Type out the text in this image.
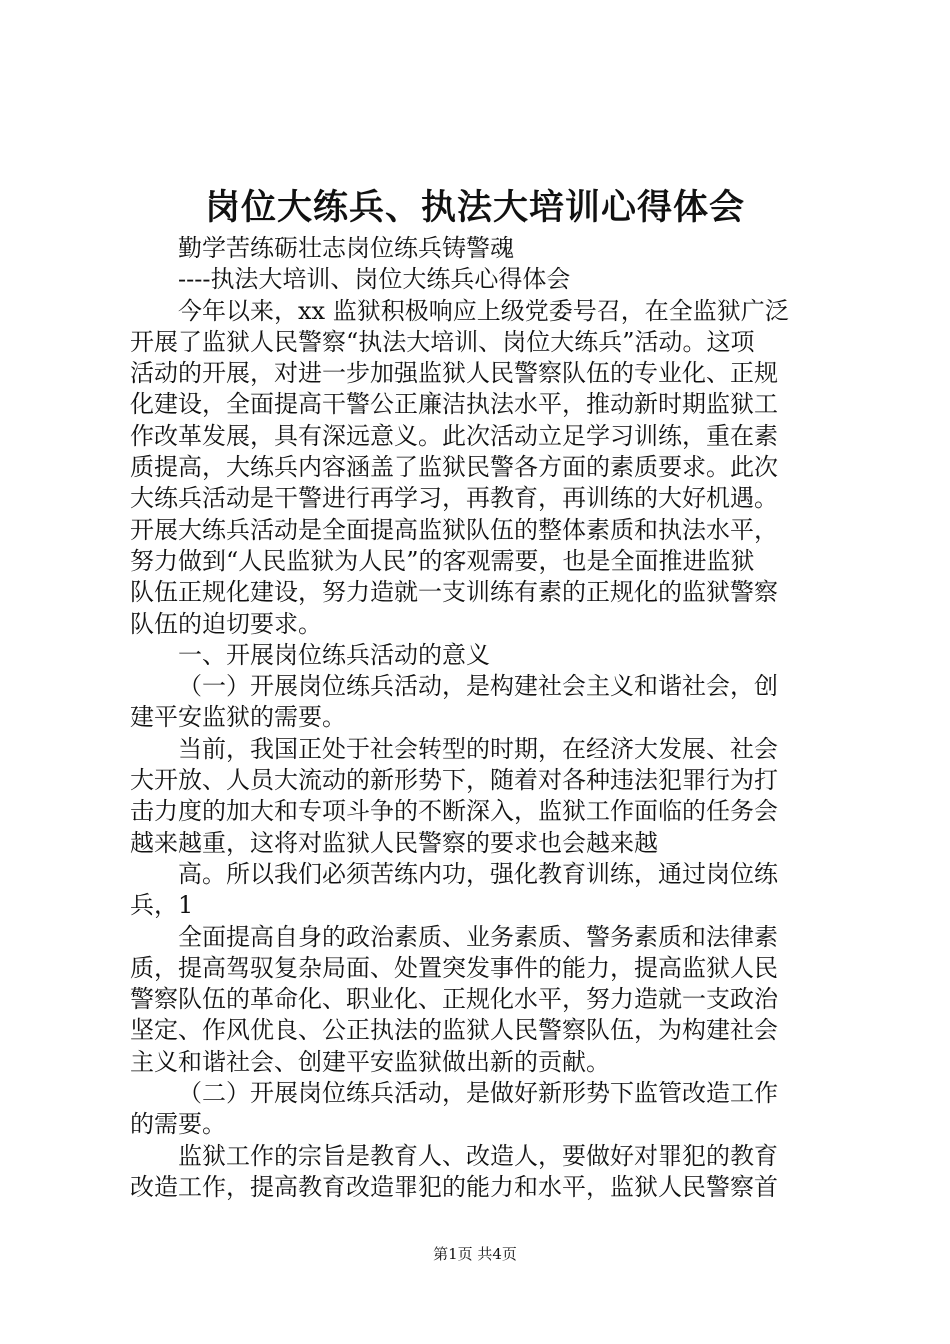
岗位大练兵、执法大培训心得体会
勤学苦练砺壮志岗位练兵铸警魂
----执法大培训、岗位大练兵心得体会
今年以来，xx 监狱积极响应上级党委号召，在全监狱广泛
开展了监狱人民警察“执法大培训、岗位大练兵”活动。这项
活动的开展，对进一步加强监狱人民警察队伍的专业化、正规
化建设，全面提高干警公正廉洁执法水平，推动新时期监狱工
作改革发展，具有深远意义。此次活动立足学习训练，重在素
质提高，大练兵内容涵盖了监狱民警各方面的素质要求。此次
大练兵活动是干警进行再学习，再教育，再训练的大好机遇。
开展大练兵活动是全面提高监狱队伍的整体素质和执法水平，
努力做到“人民监狱为人民”的客观需要，也是全面推进监狱
队伍正规化建设，努力造就一支训练有素的正规化的监狱警察
队伍的迫切要求。
一、开展岗位练兵活动的意义
（一）开展岗位练兵活动，是构建社会主义和谐社会，创
建平安监狱的需要。
当前，我国正处于社会转型的时期，在经济大发展、社会
大开放、人员大流动的新形势下，随着对各种违法犯罪行为打
击力度的加大和专项斗争的不断深入，监狱工作面临的任务会
越来越重，这将对监狱人民警察的要求也会越来越
高。所以我们必须苦练内功，强化教育训练，通过岗位练
兵，1
全面提高自身的政治素质、业务素质、警务素质和法律素
质，提高驾驭复杂局面、处置突发事件的能力，提高监狱人民
警察队伍的革命化、职业化、正规化水平，努力造就一支政治
坚定、作风优良、公正执法的监狱人民警察队伍，为构建社会
主义和谐社会、创建平安监狱做出新的贡献。
（二）开展岗位练兵活动，是做好新形势下监管改造工作
的需要。
监狱工作的宗旨是教育人、改造人，要做好对罪犯的教育
改造工作，提高教育改造罪犯的能力和水平，监狱人民警察首
第1页 共4页
